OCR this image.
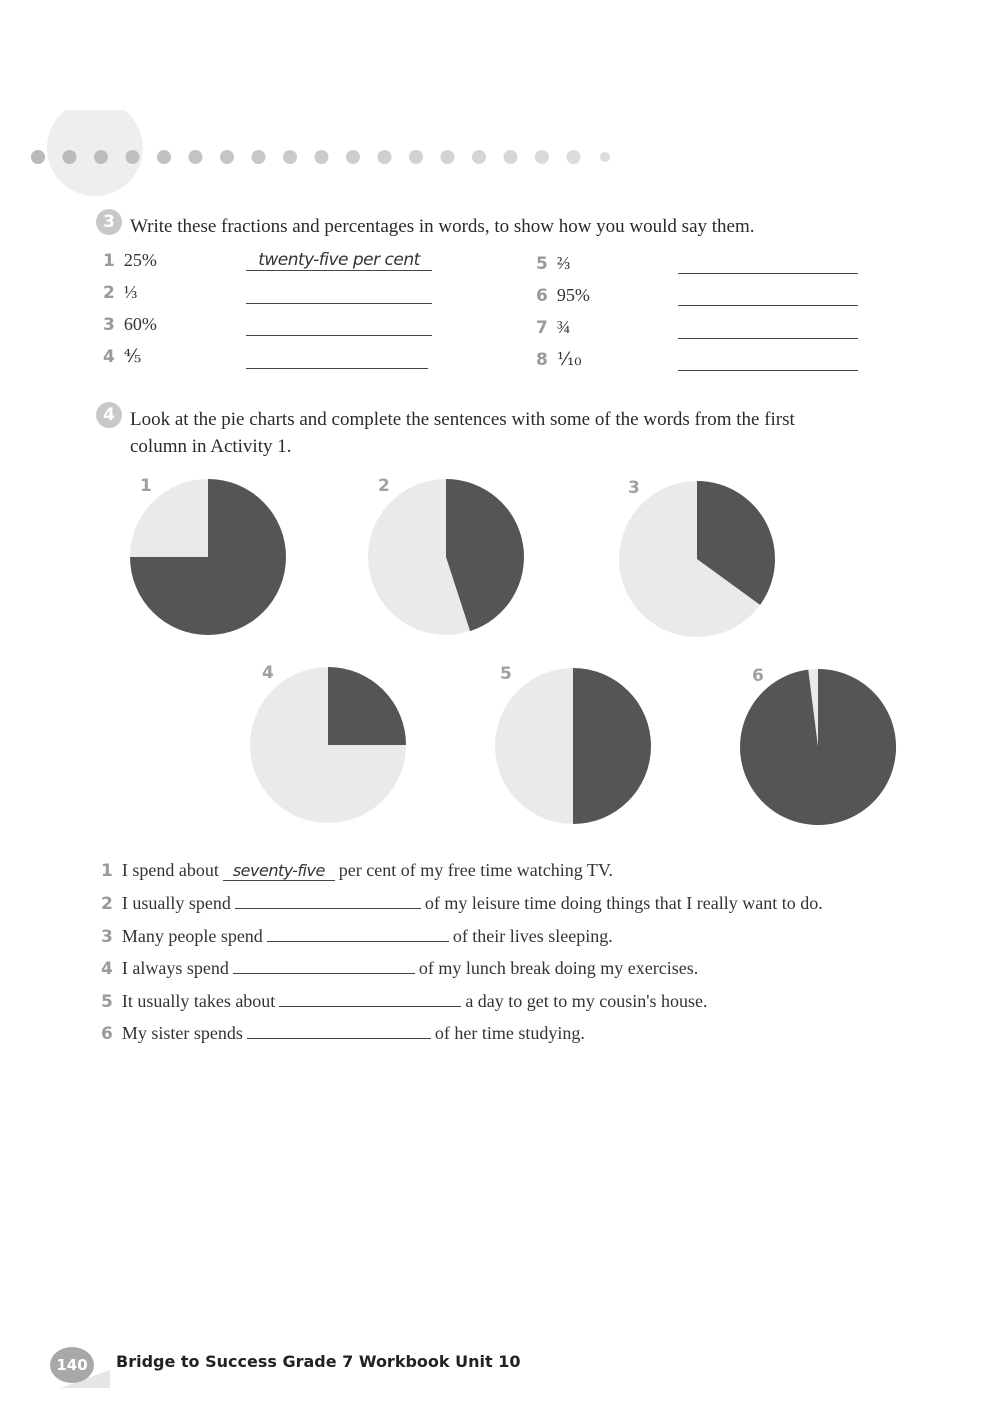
3 Write these fractions and percentages in words, to show how you would say them.
1 25%	twenty-five per cent
2 ⅓
3 60%
4 ⅘
5 ⅔
6 95%
7 ¾
8 ⅒
4 Look at the pie charts and complete the sentences with some of the words from the first
column in Activity 1.
1	2	3
4	5	6
1 I spend about seventy-five per cent of my free time watching TV.
2 I usually spend	of my leisure time doing things that I really want to do.
3 Many people spend	of their lives sleeping.
4 I always spend	of my lunch break doing my exercises.
5 It usually takes about	a day to get to my cousin's house.
6 My sister spends	of her time studying.
140	Bridge to Success Grade 7 Workbook Unit 10
